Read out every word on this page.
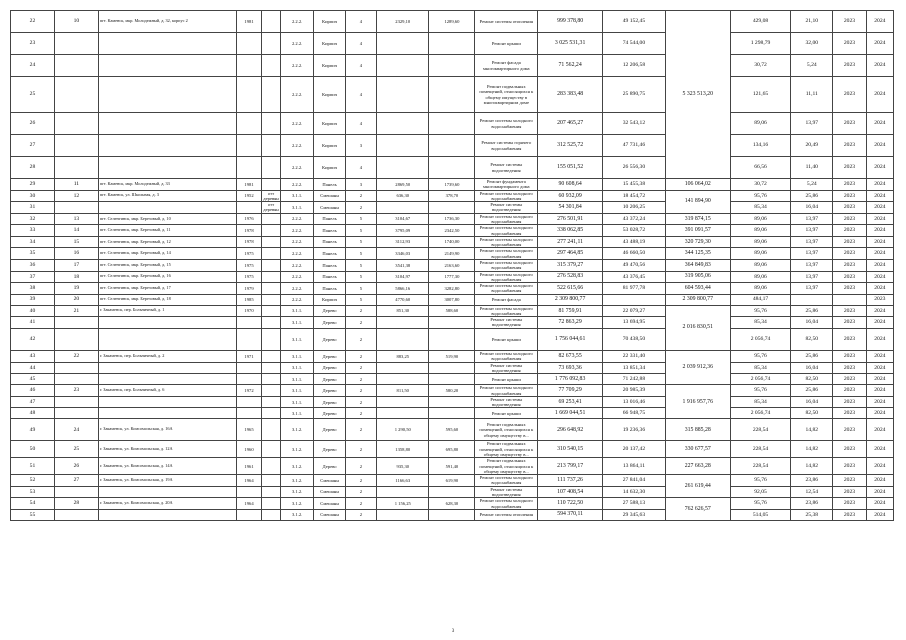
22	10	пгт. Каменск, мкр. Молодежный, д. 32, корпус 2	1981		2.2.2.	Кирпич	4	2329,10	1289,60	Ремонт системы отопления	999 378,80	49 152,45	5 323 513,20	429,08	21,10	2023	2024
23					2.2.2.	Кирпич	4			Ремонт крыши	3 025 531,31	74 544,00		1 298,79	32,00	2023	2024
24					2.2.2.	Кирпич	4			Ремонт фасада многоквартирного дома	71 562,24	12 206,58		30,72	5,24	2023	2024
25					2.2.2.	Кирпич	4			Ремонт подвальных помещений, относящихся к общему имуществу в многоквартирном доме	283 383,48	25 890,75		121,65	11,11	2023	2024
26					2.2.2.	Кирпич	4			Ремонт системы холодного водоснабжения	207 465,27	32 543,12		89,06	13,97	2023	2024
27					2.2.2.	Кирпич	3			Ремонт системы горячего водоснабжения	312 525,72	47 731,46		134,16	20,49	2023	2024
28					2.2.2.	Кирпич	4			Ремонт системы водоотведения	155 051,52	26 556,30		66,56	11,40	2023	2024
29	11	пгт. Каменск, мкр. Молодежный, д. 33	1981		2.2.2.	Панель	3	2869,50	1739,60	Ремонт фундамента многоквартирного дома	90 608,64	15 455,38	106 064,02	30,72	5,24	2023	2024
30	12	пгт. Каменск, ул. Школьная, д. 3	1952	отт деревян	3.1.1.	Смешанн	2	636,30	378,70	Ремонт системы холодного водоснабжения	60 932,09	18 454,72	141 894,90	95,76	25,86	2023	2024
31				отт деревян	3.1.1.	Смешанн	2			Ремонт системы водоотведения	54 301,84	10 206,25		85,34	16,04	2023	2024
32	13	пгт. Селенгинск, мкр. Березовый, д. 10	1976		2.2.2.	Панель	5	3104,67	1736,30	Ремонт системы холодного водоснабжения	276 501,91	43 372,24	319 874,15	89,06	13,97	2023	2024
33	14	пгт. Селенгинск, мкр. Березовый, д. 11	1978		2.2.2.	Панель	5	3795,09	2342,50	Ремонт системы холодного водоснабжения	338 062,85	53 028,72	391 091,57	89,06	13,97	2023	2024
34	15	пгт. Селенгинск, мкр. Березовый, д. 12	1978		2.2.2.	Панель	5	3112,93	1740,00	Ремонт системы холодного водоснабжения	277 241,11	43 488,19	320 729,30	89,06	13,97	2023	2024
35	16	пгт. Селенгинск, мкр. Березовый, д. 14	1975		2.2.2.	Панель	5	3346,03	2149,90	Ремонт системы холодного водоснабжения	297 464,85	46 660,50	344 125,35	89,06	13,97	2023	2024
36	17	пгт. Селенгинск, мкр. Березовый, д. 15	1975		2.2.2.	Панель	5	3541,38	2163,60	Ремонт системы холодного водоснабжения	315 379,27	49 470,56	364 849,83	89,06	13,97	2023	2024
37	18	пгт. Селенгинск, мкр. Березовый, д. 16	1975		2.2.2.	Панель	5	3104,97	1777,30	Ремонт системы холодного водоснабжения	276 528,83	43 376,45	319 905,06	89,06	13,97	2023	2024
38	19	пгт. Селенгинск, мкр. Березовый, д. 17	1979		2.2.2.	Панель	5	5866,16	3282,80	Ремонт системы холодного водоснабжения	522 615,66	81 977,78	604 593,44	89,06	13,97	2023	2024
39	20	пгт. Селенгинск, мкр. Березовый, д. 18	1985		2.2.2.	Кирпич	5	4770,60	3007,80	Ремонт фасада	2 309 800,77		2 309 800,77	484,17			2023
40	21	г. Закаменск, пер. Больничный, д. 1	1970		3.1.1.	Дерево	2	851,30	588,60	Ремонт системы холодного водоснабжения	81 759,91	22 079,27	2 016 830,51	95,76	25,86	2023	2024
41					3.1.1.	Дерево	2			Ремонт системы водоотведения	72 863,29	13 694,95		85,34	16,04	2023	2024
42					3.1.1.	Дерево	2			Ремонт крыши	1 756 044,61	70 438,50		2 056,74	82,50	2023	2024
43	22	г. Закаменск, пер. Больничный, д. 2	1971		3.1.1.	Дерево	2	883,25	519,90	Ремонт системы холодного водоснабжения	82 673,55	22 331,40	2 039 912,36	95,76	25,86	2023	2024
44					3.1.1.	Дерево	2			Ремонт системы водоотведения	73 693,36	13 851,34		85,34	16,04	2023	2024
45					3.1.1.	Дерево	2			Ремонт крыши	1 776 092,83	71 242,88		2 056,74	82,50	2023	2024
46	23	г. Закаменск, пер. Больничный, д. 6	1972		3.1.1.	Дерево	2	811,50	580,20	Ремонт системы холодного водоснабжения	77 709,29	20 985,39	1 916 957,76	95,76	25,86	2023	2024
47					3.1.1.	Дерево	2			Ремонт системы водоотведения	69 253,41	13 016,46		85,34	16,04	2023	2024
48					3.1.1.	Дерево	2			Ремонт крыши	1 669 044,51	66 948,75		2 056,74	82,50	2023	2024
49	24	г. Закаменск, ул. Комсомольская, д. 16А	1965		3.1.2.	Дерево	2	1 290,50	595,60	Ремонт подвальных помещений, относящихся к общему имуществу в...	296 648,92	19 236,36	315 885,28	228,54	14,82	2023	2024
50	25	г. Закаменск, ул. Комсомольская, д. 12А	1960		3.1.2.	Дерево	2	1358,80	695,80	Ремонт подвальных помещений, относящихся к общему имуществу в...	310 540,15	20 137,42	330 677,57	228,54	14,82	2023	2024
51	26	г. Закаменск, ул. Комсомольская, д. 14А	1961		3.1.2.	Дерево	2	935,30	591,40	Ремонт подвальных помещений, относящихся к общему имуществу в...	213 799,17	13 864,11	227 663,28	228,54	14,82	2023	2024
52	27	г. Закаменск, ул. Комсомольская, д. 19А	1964		3.1.2.	Смешанн	2	1166,63	619,90	Ремонт системы холодного водоснабжения	111 737,26	27 841,04	261 619,44	95,76	23,86	2023	2024
53					3.1.2.	Смешанн	2			Ремонт системы водоотведения	107 408,54	14 632,30		92,05	12,54	2023	2024
54	28	г. Закаменск, ул. Комсомольская, д. 20А	1964		3.1.2.	Смешанн	2	1 156,25	628,30	Ремонт системы холодного водоснабжения	110 722,50	27 588,13	762 626,57	95,76	23,86	2023	2024
55					3.1.2.	Смешанн	2			Ремонт системы отопления	594 370,11	29 345,63		514,05	25,38	2023	2024
3
